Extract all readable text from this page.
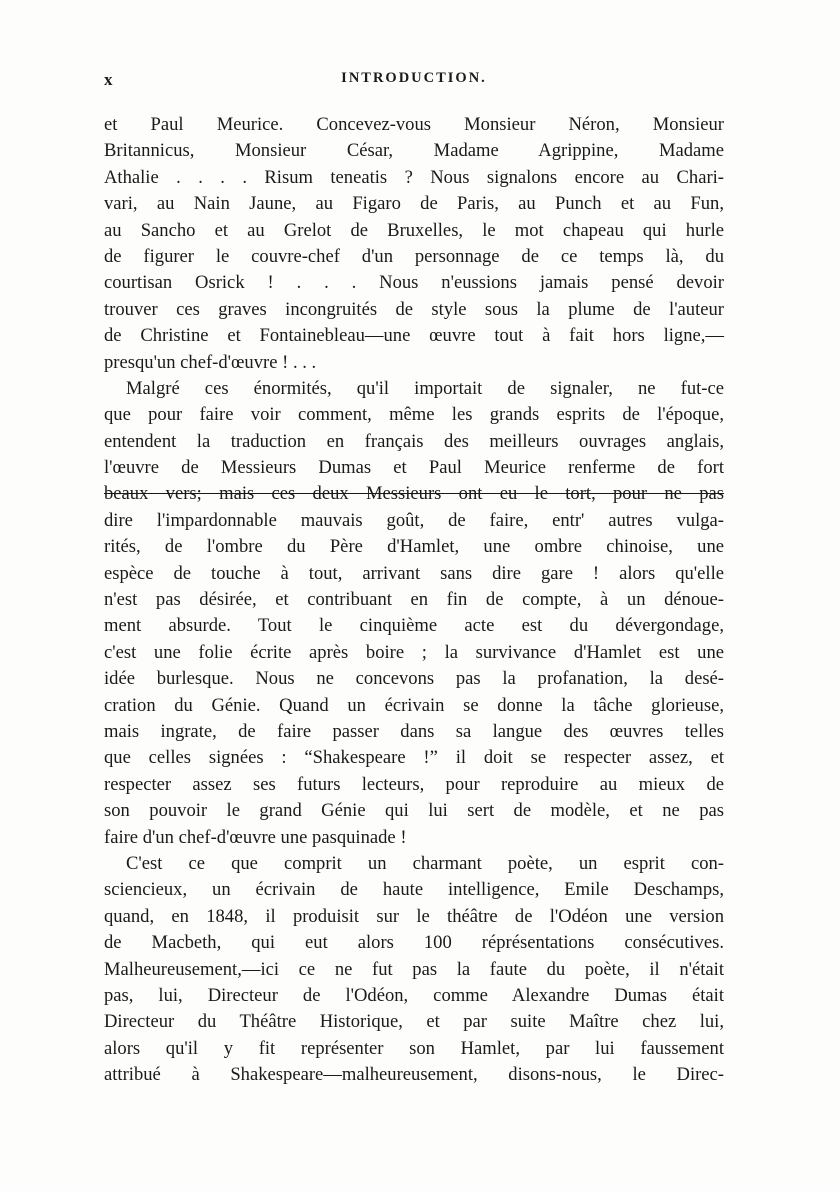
x	INTRODUCTION.
et Paul Meurice. Concevez-vous Monsieur Néron, Monsieur
Britannicus, Monsieur César, Madame Agrippine, Madame
Athalie . . . . Risum teneatis ? Nous signalons encore au Chari-
vari, au Nain Jaune, au Figaro de Paris, au Punch et au Fun,
au Sancho et au Grelot de Bruxelles, le mot chapeau qui hurle
de figurer le couvre-chef d'un personnage de ce temps là, du
courtisan Osrick ! . . . Nous n'eussions jamais pensé devoir
trouver ces graves incongruités de style sous la plume de l'auteur
de Christine et Fontainebleau—une œuvre tout à fait hors ligne,—
presqu'un chef-d'œuvre ! . . .
Malgré ces énormités, qu'il importait de signaler, ne fut-ce
que pour faire voir comment, même les grands esprits de l'époque,
entendent la traduction en français des meilleurs ouvrages anglais,
l'œuvre de Messieurs Dumas et Paul Meurice renferme de fort
beaux vers; mais ces deux Messieurs ont eu le tort, pour ne pas
dire l'impardonnable mauvais goût, de faire, entr' autres vulga-
rités, de l'ombre du Père d'Hamlet, une ombre chinoise, une
espèce de touche à tout, arrivant sans dire gare ! alors qu'elle
n'est pas désirée, et contribuant en fin de compte, à un dénoue-
ment absurde. Tout le cinquième acte est du dévergondage,
c'est une folie écrite après boire ; la survivance d'Hamlet est une
idée burlesque. Nous ne concevons pas la profanation, la desé-
cration du Génie. Quand un écrivain se donne la tâche glorieuse,
mais ingrate, de faire passer dans sa langue des œuvres telles
que celles signées : “Shakespeare !” il doit se respecter assez, et
respecter assez ses futurs lecteurs, pour reproduire au mieux de
son pouvoir le grand Génie qui lui sert de modèle, et ne pas
faire d'un chef-d'œuvre une pasquinade !
C'est ce que comprit un charmant poète, un esprit con-
sciencieux, un écrivain de haute intelligence, Emile Deschamps,
quand, en 1848, il produisit sur le théâtre de l'Odéon une version
de Macbeth, qui eut alors 100 réprésentations consécutives.
Malheureusement,—ici ce ne fut pas la faute du poète, il n'était
pas, lui, Directeur de l'Odéon, comme Alexandre Dumas était
Directeur du Théâtre Historique, et par suite Maître chez lui,
alors qu'il y fit représenter son Hamlet, par lui faussement
attribué à Shakespeare—malheureusement, disons-nous, le Direc-
